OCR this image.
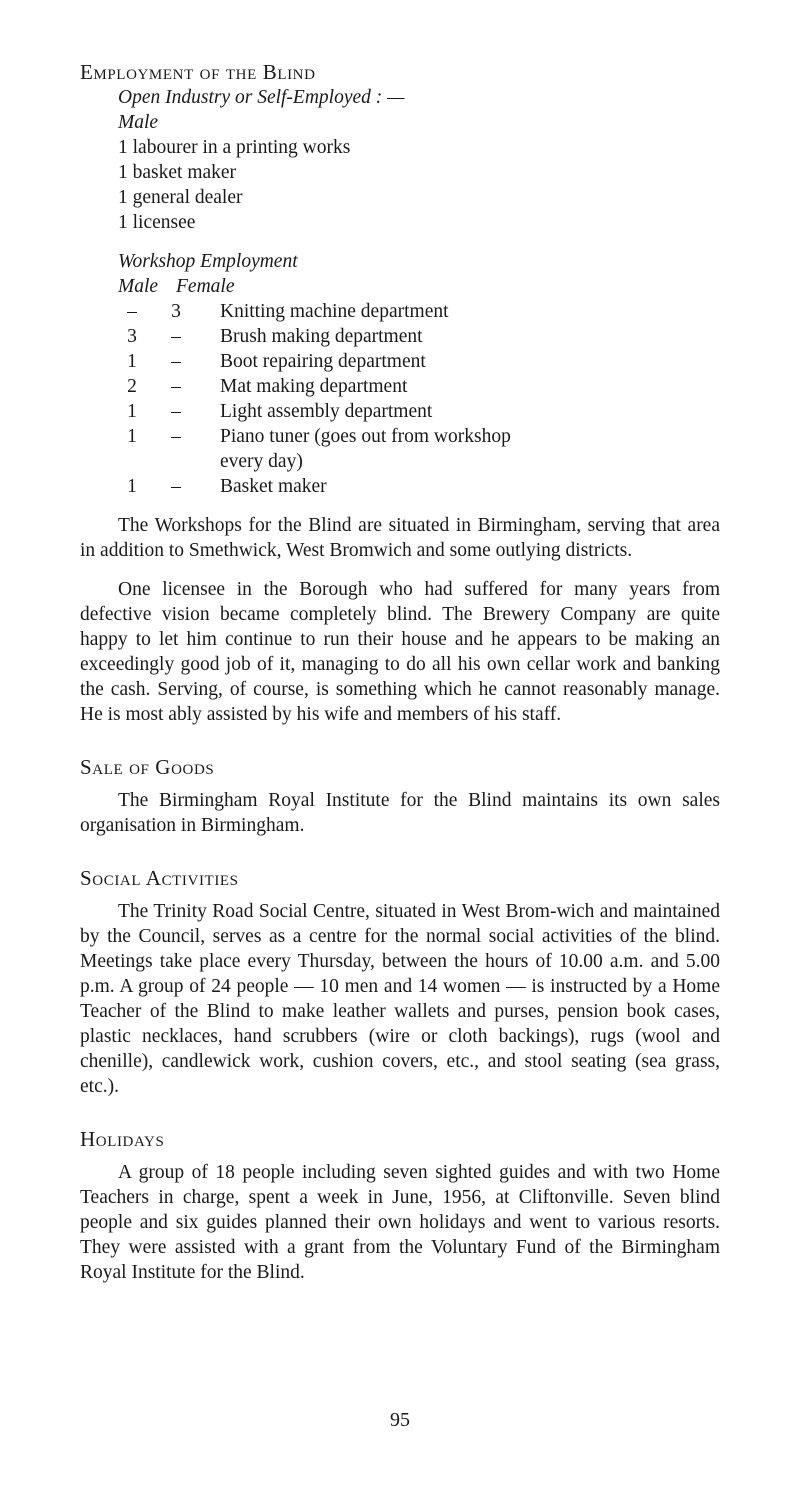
Employment of the Blind

Open Industry or Self-Employed : —

Male

1 labourer in a printing works

1 basket maker

1 general dealer

1 licensee

Workshop Employment

Male Female
–	3	Knitting machine department
3	–	Brush making department
1	–	Boot repairing department
2	–	Mat making department
1	–	Light assembly department
1	–	Piano tuner (goes out from workshop
every day)
1	–	Basket maker

The Workshops for the Blind are situated in Birmingham, serving that area in addition to Smethwick, West Bromwich and some outlying districts.

One licensee in the Borough who had suffered for many years from defective vision became completely blind. The Brewery Company are quite happy to let him continue to run their house and he appears to be making an exceedingly good job of it, managing to do all his own cellar work and banking the cash. Serving, of course, is something which he cannot reasonably manage. He is most ably assisted by his wife and members of his staff.

Sale of Goods

The Birmingham Royal Institute for the Blind maintains its own sales organisation in Birmingham.

Social Activities

The Trinity Road Social Centre, situated in West Brom-wich and maintained by the Council, serves as a centre for the normal social activities of the blind. Meetings take place every Thursday, between the hours of 10.00 a.m. and 5.00 p.m. A group of 24 people — 10 men and 14 women — is instructed by a Home Teacher of the Blind to make leather wallets and purses, pension book cases, plastic necklaces, hand scrubbers (wire or cloth backings), rugs (wool and chenille), candlewick work, cushion covers, etc., and stool seating (sea grass, etc.).

Holidays

A group of 18 people including seven sighted guides and with two Home Teachers in charge, spent a week in June, 1956, at Cliftonville. Seven blind people and six guides planned their own holidays and went to various resorts. They were assisted with a grant from the Voluntary Fund of the Birmingham Royal Institute for the Blind.

95
